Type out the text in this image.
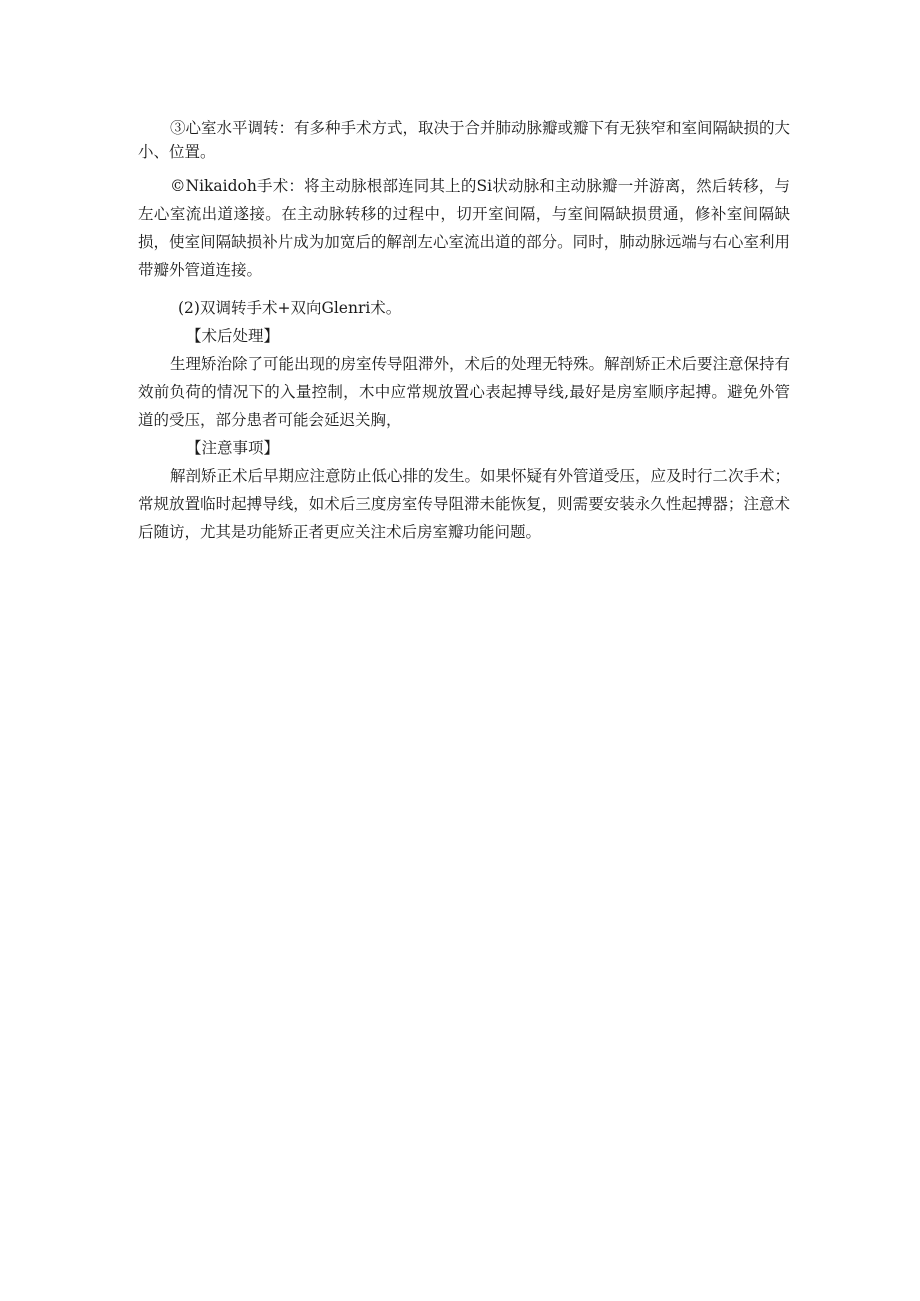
③心室水平调转：有多种手术方式，取决于合并肺动脉瓣或瓣下有无狭窄和室间隔缺损的大小、位置。

©Nikaidoh手术：将主动脉根部连同其上的Si状动脉和主动脉瓣一并游离，然后转移，与左心室流出道遂接。在主动脉转移的过程中，切开室间隔，与室间隔缺损贯通，修补室间隔缺损，使室间隔缺损补片成为加宽后的解剖左心室流出道的部分。同时，肺动脉远端与右心室利用带瓣外管道连接。

(2)双调转手术+双向Glenri术。

【术后处理】

生理矫治除了可能出现的房室传导阻滞外，术后的处理无特殊。解剖矫正术后要注意保持有效前负荷的情况下的入量控制，木中应常规放置心表起搏导线,最好是房室顺序起搏。避免外管道的受压，部分患者可能会延迟关胸，

【注意事项】

解剖矫正术后早期应注意防止低心排的发生。如果怀疑有外管道受压，应及时行二次手术；常规放置临时起搏导线，如术后三度房室传导阻滞未能恢复，则需要安装永久性起搏器；注意术后随访，尤其是功能矫正者更应关注术后房室瓣功能问题。
